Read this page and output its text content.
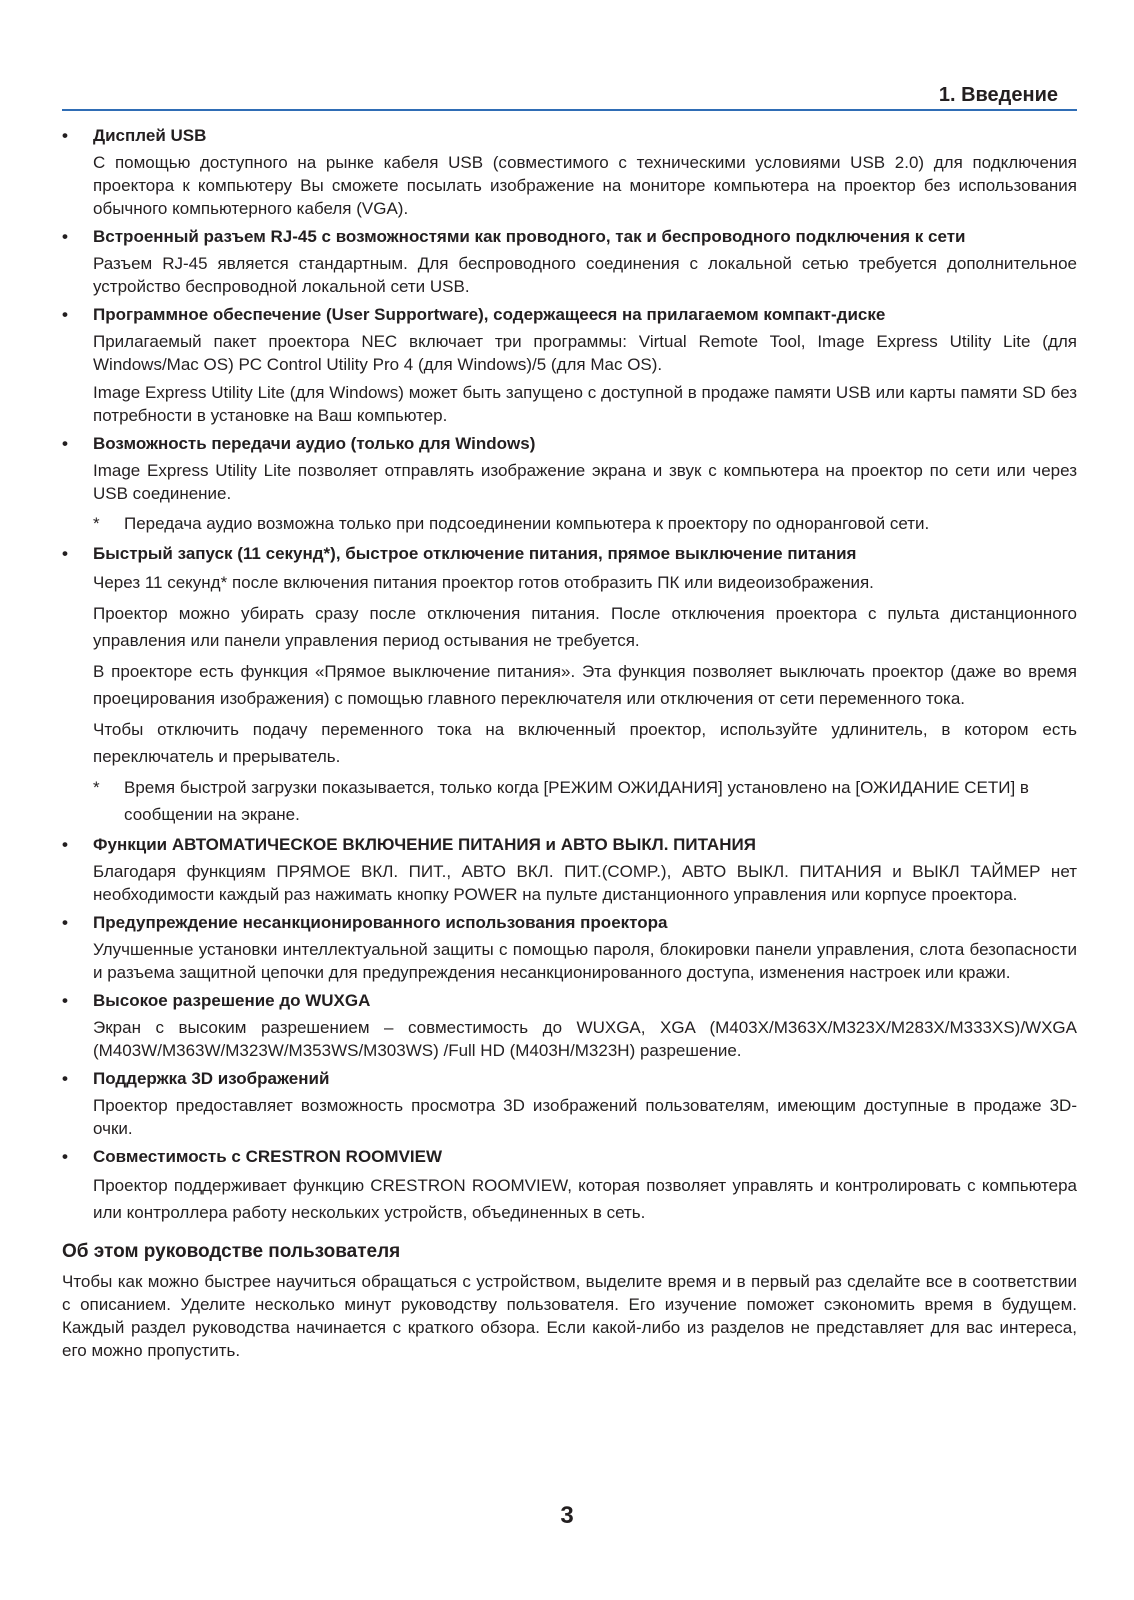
1. Введение
• Дисплей USB

С помощью доступного на рынке кабеля USB (совместимого с техническими условиями USB 2.0) для подключения проектора к компьютеру Вы сможете посылать изображение на мониторе компьютера на проектор без использования обычного компьютерного кабеля (VGA).

• Встроенный разъем RJ-45 с возможностями как проводного, так и беспроводного подключения к сети

Разъем RJ-45 является стандартным. Для беспроводного соединения с локальной сетью требуется дополнительное устройство беспроводной локальной сети USB.

• Программное обеспечение (User Supportware), содержащееся на прилагаемом компакт-диске

Прилагаемый пакет проектора NEC включает три программы: Virtual Remote Tool, Image Express Utility Lite (для Windows/Mac OS) PC Control Utility Pro 4 (для Windows)/5 (для Mac OS).

Image Express Utility Lite (для Windows) может быть запущено с доступной в продаже памяти USB или карты памяти SD без потребности в установке на Ваш компьютер.

• Возможность передачи аудио (только для Windows)

Image Express Utility Lite позволяет отправлять изображение экрана и звук с компьютера на проектор по сети или через USB соединение.

* Передача аудио возможна только при подсоединении компьютера к проектору по одноранговой сети.
• Быстрый запуск (11 секунд*), быстрое отключение питания, прямое выключение питания

Через 11 секунд* после включения питания проектор готов отобразить ПК или видеоизображения.

Проектор можно убирать сразу после отключения питания. После отключения проектора с пульта дистанционного управления или панели управления период остывания не требуется.

В проекторе есть функция «Прямое выключение питания». Эта функция позволяет выключать проектор (даже во время проецирования изображения) с помощью главного переключателя или отключения от сети переменного тока.

Чтобы отключить подачу переменного тока на включенный проектор, используйте удлинитель, в котором есть переключатель и прерыватель.

* Время быстрой загрузки показывается, только когда [РЕЖИМ ОЖИДАНИЯ] установлено на [ОЖИДАНИЕ СЕТИ] в сообщении на экране.
• Функции АВТОМАТИЧЕСКОЕ ВКЛЮЧЕНИЕ ПИТАНИЯ и АВТО ВЫКЛ. ПИТАНИЯ

Благодаря функциям ПРЯМОЕ ВКЛ. ПИТ., АВТО ВКЛ. ПИТ.(COMP.), АВТО ВЫКЛ. ПИТАНИЯ и ВЫКЛ ТАЙМЕР нет необходимости каждый раз нажимать кнопку POWER на пульте дистанционного управления или корпусе проектора.

• Предупреждение несанкционированного использования проектора

Улучшенные установки интеллектуальной защиты с помощью пароля, блокировки панели управления, слота безопасности и разъема защитной цепочки для предупреждения несанкционированного доступа, изменения настроек или кражи.

• Высокое разрешение до WUXGA

Экран с высоким разрешением – совместимость до WUXGA, XGA (M403X/M363X/M323X/M283X/M333XS)/WXGA (M403W/M363W/M323W/M353WS/M303WS) /Full HD (M403H/M323H) разрешение.

• Поддержка 3D изображений

Проектор предоставляет возможность просмотра 3D изображений пользователям, имеющим доступные в продаже 3D-очки.

• Совместимость с CRESTRON ROOMVIEW

Проектор поддерживает функцию CRESTRON ROOMVIEW, которая позволяет управлять и контролировать с компьютера или контроллера работу нескольких устройств, объединенных в сеть.

Об этом руководстве пользователя

Чтобы как можно быстрее научиться обращаться с устройством, выделите время и в первый раз сделайте все в соответствии с описанием. Уделите несколько минут руководству пользователя. Его изучение поможет сэкономить время в будущем. Каждый раздел руководства начинается с краткого обзора. Если какой-либо из разделов не представляет для вас интереса, его можно пропустить.

3
